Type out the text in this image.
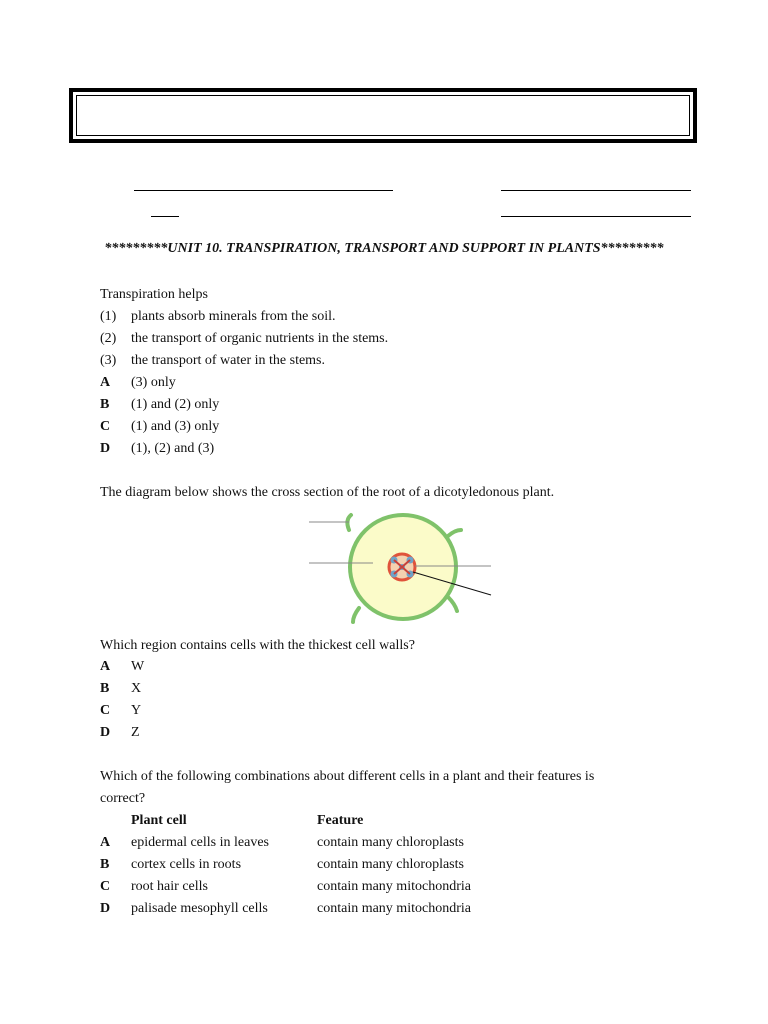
*********UNIT 10. TRANSPIRATION, TRANSPORT AND SUPPORT IN PLANTS*********
Transpiration helps
(1) plants absorb minerals from the soil.
(2) the transport of organic nutrients in the stems.
(3) the transport of water in the stems.
A (3) only
B (1) and (2) only
C (1) and (3) only
D (1), (2) and (3)
The diagram below shows the cross section of the root of a dicotyledonous plant.
Which region contains cells with the thickest cell walls?
A W
B X
C Y
D Z
Which of the following combinations about different cells in a plant and their features is
correct?
Plant cell	Feature
A epidermal cells in leaves	contain many chloroplasts
B cortex cells in roots	contain many chloroplasts
C root hair cells	contain many mitochondria
D palisade mesophyll cells	contain many mitochondria
